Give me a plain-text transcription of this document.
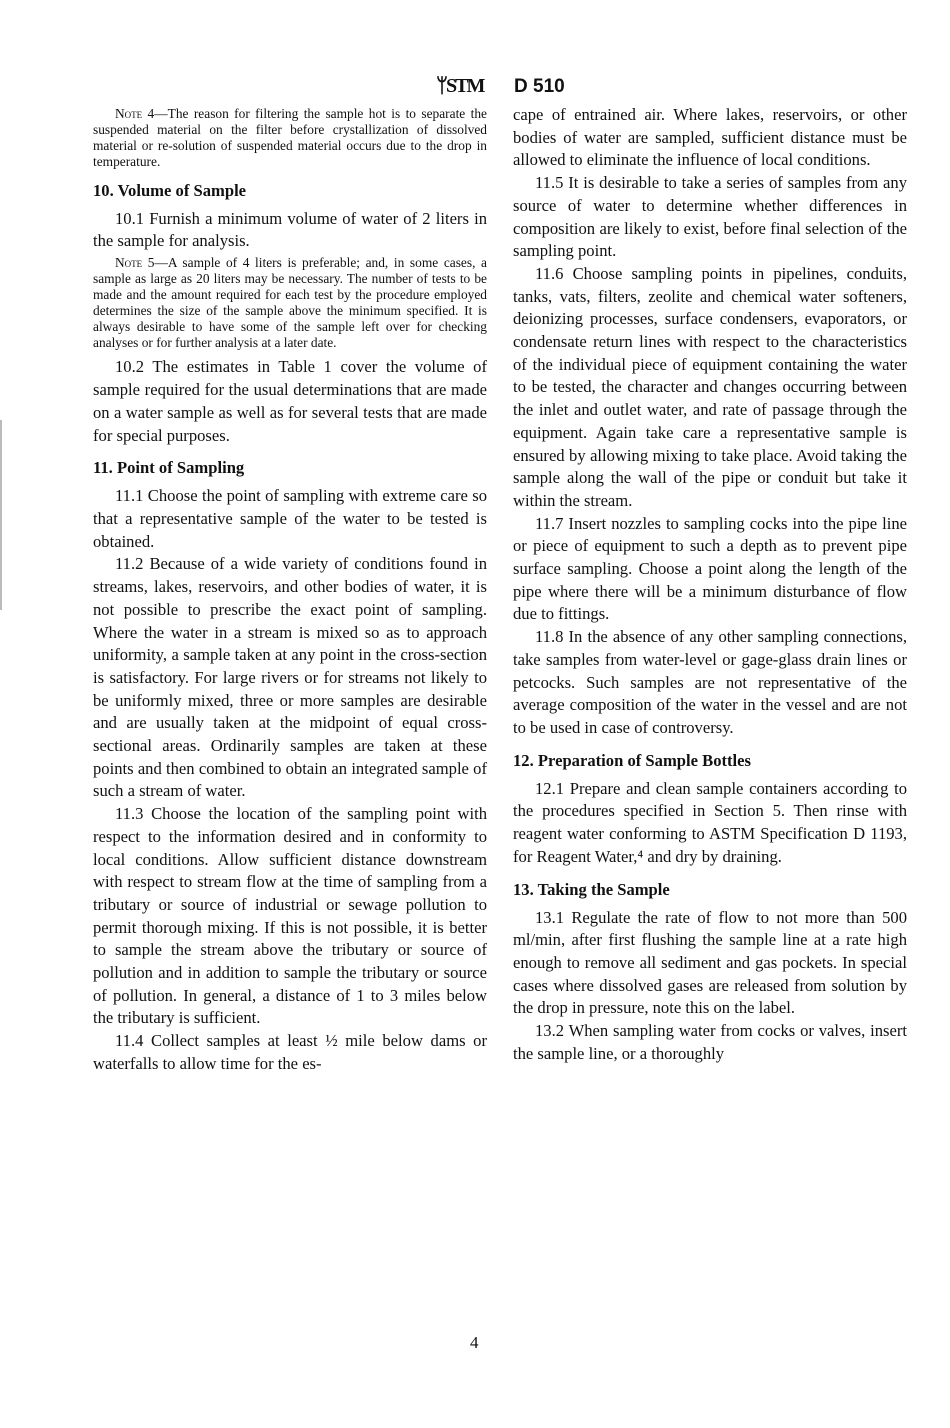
ᛘSTM D 510

Note 4—The reason for filtering the sample hot is to separate the suspended material on the filter before crystallization of dissolved material or re-solution of suspended material occurs due to the drop in temperature.

10. Volume of Sample

10.1 Furnish a minimum volume of water of 2 liters in the sample for analysis.

Note 5—A sample of 4 liters is preferable; and, in some cases, a sample as large as 20 liters may be necessary. The number of tests to be made and the amount required for each test by the procedure employed determines the size of the sample above the minimum specified. It is always desirable to have some of the sample left over for checking analyses or for further analysis at a later date.

10.2 The estimates in Table 1 cover the volume of sample required for the usual determinations that are made on a water sample as well as for several tests that are made for special purposes.

11. Point of Sampling

11.1 Choose the point of sampling with extreme care so that a representative sample of the water to be tested is obtained.

11.2 Because of a wide variety of conditions found in streams, lakes, reservoirs, and other bodies of water, it is not possible to prescribe the exact point of sampling. Where the water in a stream is mixed so as to approach uniformity, a sample taken at any point in the cross-section is satisfactory. For large rivers or for streams not likely to be uniformly mixed, three or more samples are desirable and are usually taken at the midpoint of equal cross-sectional areas. Ordinarily samples are taken at these points and then combined to obtain an integrated sample of such a stream of water.

11.3 Choose the location of the sampling point with respect to the information desired and in conformity to local conditions. Allow sufficient distance downstream with respect to stream flow at the time of sampling from a tributary or source of industrial or sewage pollution to permit thorough mixing. If this is not possible, it is better to sample the stream above the tributary or source of pollution and in addition to sample the tributary or source of pollution. In general, a distance of 1 to 3 miles below the tributary is sufficient.

11.4 Collect samples at least ½ mile below dams or waterfalls to allow time for the es-

cape of entrained air. Where lakes, reservoirs, or other bodies of water are sampled, sufficient distance must be allowed to eliminate the influence of local conditions.

11.5 It is desirable to take a series of samples from any source of water to determine whether differences in composition are likely to exist, before final selection of the sampling point.

11.6 Choose sampling points in pipelines, conduits, tanks, vats, filters, zeolite and chemical water softeners, deionizing processes, surface condensers, evaporators, or condensate return lines with respect to the characteristics of the individual piece of equipment containing the water to be tested, the character and changes occurring between the inlet and outlet water, and rate of passage through the equipment. Again take care a representative sample is ensured by allowing mixing to take place. Avoid taking the sample along the wall of the pipe or conduit but take it within the stream.

11.7 Insert nozzles to sampling cocks into the pipe line or piece of equipment to such a depth as to prevent pipe surface sampling. Choose a point along the length of the pipe where there will be a minimum disturbance of flow due to fittings.

11.8 In the absence of any other sampling connections, take samples from water-level or gage-glass drain lines or petcocks. Such samples are not representative of the average composition of the water in the vessel and are not to be used in case of controversy.

12. Preparation of Sample Bottles

12.1 Prepare and clean sample containers according to the procedures specified in Section 5. Then rinse with reagent water conforming to ASTM Specification D 1193, for Reagent Water,⁴ and dry by draining.

13. Taking the Sample

13.1 Regulate the rate of flow to not more than 500 ml/min, after first flushing the sample line at a rate high enough to remove all sediment and gas pockets. In special cases where dissolved gases are released from solution by the drop in pressure, note this on the label.

13.2 When sampling water from cocks or valves, insert the sample line, or a thoroughly

4
